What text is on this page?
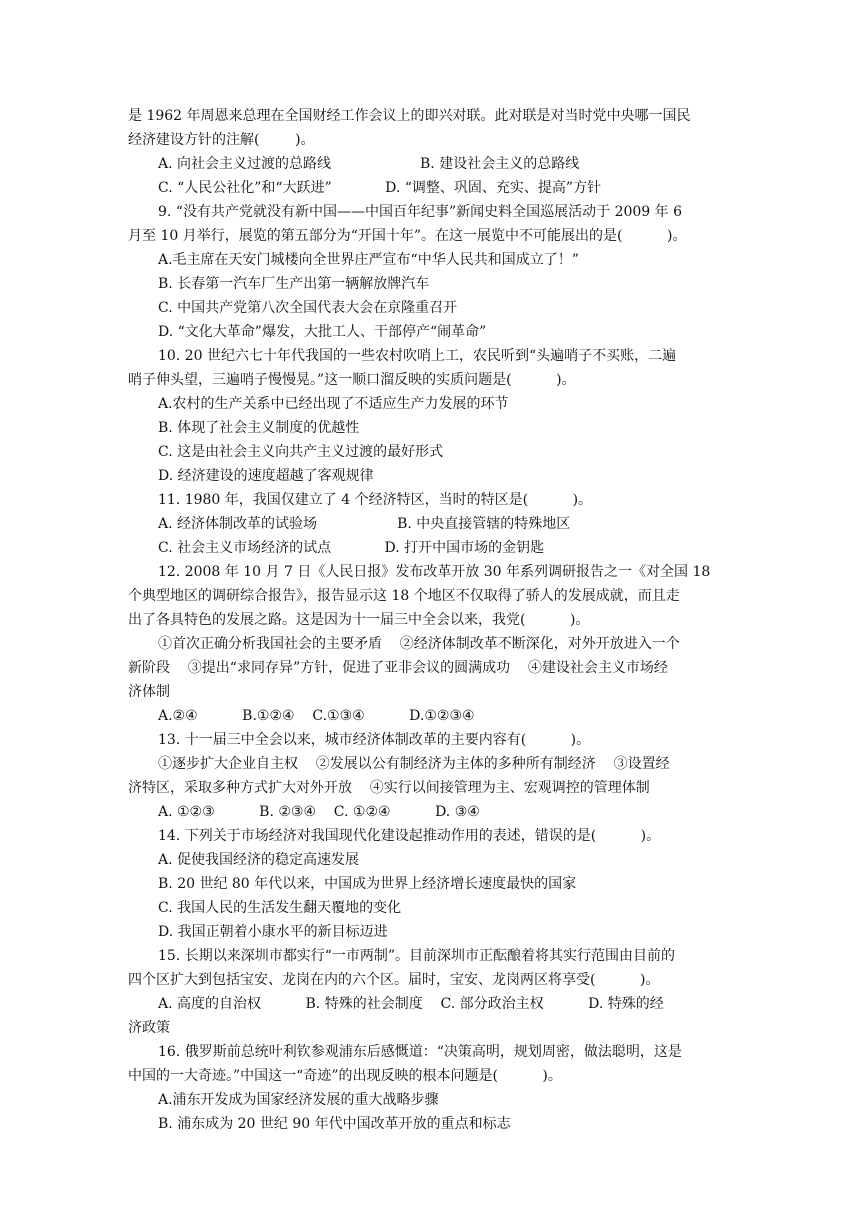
是 1962 年周恩来总理在全国财经工作会议上的即兴对联。此对联是对当时党中央哪一国民
经济建设方针的注解(        )。
A. 向社会主义过渡的总路线                    B. 建设社会主义的总路线
C. “人民公社化”和“大跃进”            D. “调整、巩固、充实、提高”方针
9. “没有共产党就没有新中国——中国百年纪事”新闻史料全国巡展活动于 2009 年 6
月至 10 月举行，展览的第五部分为“开国十年”。在这一展览中不可能展出的是(          )。
A.毛主席在天安门城楼向全世界庄严宣布“中华人民共和国成立了！”
B. 长春第一汽车厂生产出第一辆解放牌汽车
C. 中国共产党第八次全国代表大会在京隆重召开
D. “文化大革命”爆发，大批工人、干部停产“闹革命”
10. 20 世纪六七十年代我国的一些农村吹哨上工，农民听到“头遍哨子不买账，二遍
哨子伸头望，三遍哨子慢慢晃。”这一顺口溜反映的实质问题是(          )。
A.农村的生产关系中已经出现了不适应生产力发展的环节
B. 体现了社会主义制度的优越性
C. 这是由社会主义向共产主义过渡的最好形式
D. 经济建设的速度超越了客观规律
11. 1980 年，我国仅建立了 4 个经济特区，当时的特区是(          )。
A. 经济体制改革的试验场                  B. 中央直接管辖的特殊地区
C. 社会主义市场经济的试点            D. 打开中国市场的金钥匙
12. 2008 年 10 月 7 日《人民日报》发布改革开放 30 年系列调研报告之一《对全国 18
个典型地区的调研综合报告》，报告显示这 18 个地区不仅取得了骄人的发展成就，而且走
出了各具特色的发展之路。这是因为十一届三中全会以来，我党(          )。
①首次正确分析我国社会的主要矛盾    ②经济体制改革不断深化，对外开放进入一个
新阶段    ③提出“求同存异”方针，促进了亚非会议的圆满成功    ④建设社会主义市场经
济体制
A.②④          B.①②④    C.①③④          D.①②③④
13. 十一届三中全会以来，城市经济体制改革的主要内容有(          )。
①逐步扩大企业自主权    ②发展以公有制经济为主体的多种所有制经济    ③设置经
济特区，采取多种方式扩大对外开放    ④实行以间接管理为主、宏观调控的管理体制
A. ①②③          B. ②③④    C. ①②④          D. ③④
14. 下列关于市场经济对我国现代化建设起推动作用的表述，错误的是(          )。
A. 促使我国经济的稳定高速发展
B. 20 世纪 80 年代以来，中国成为世界上经济增长速度最快的国家
C. 我国人民的生活发生翻天覆地的变化
D. 我国正朝着小康水平的新目标迈进
15. 长期以来深圳市都实行“一市两制”。目前深圳市正酝酿着将其实行范围由目前的
四个区扩大到包括宝安、龙岗在内的六个区。届时，宝安、龙岗两区将享受(          )。
A. 高度的自治权          B. 特殊的社会制度    C. 部分政治主权          D. 特殊的经
济政策
16. 俄罗斯前总统叶利钦参观浦东后感慨道：“决策高明，规划周密，做法聪明，这是
中国的一大奇迹。”中国这一“奇迹”的出现反映的根本问题是(          )。
A.浦东开发成为国家经济发展的重大战略步骤
B. 浦东成为 20 世纪 90 年代中国改革开放的重点和标志
